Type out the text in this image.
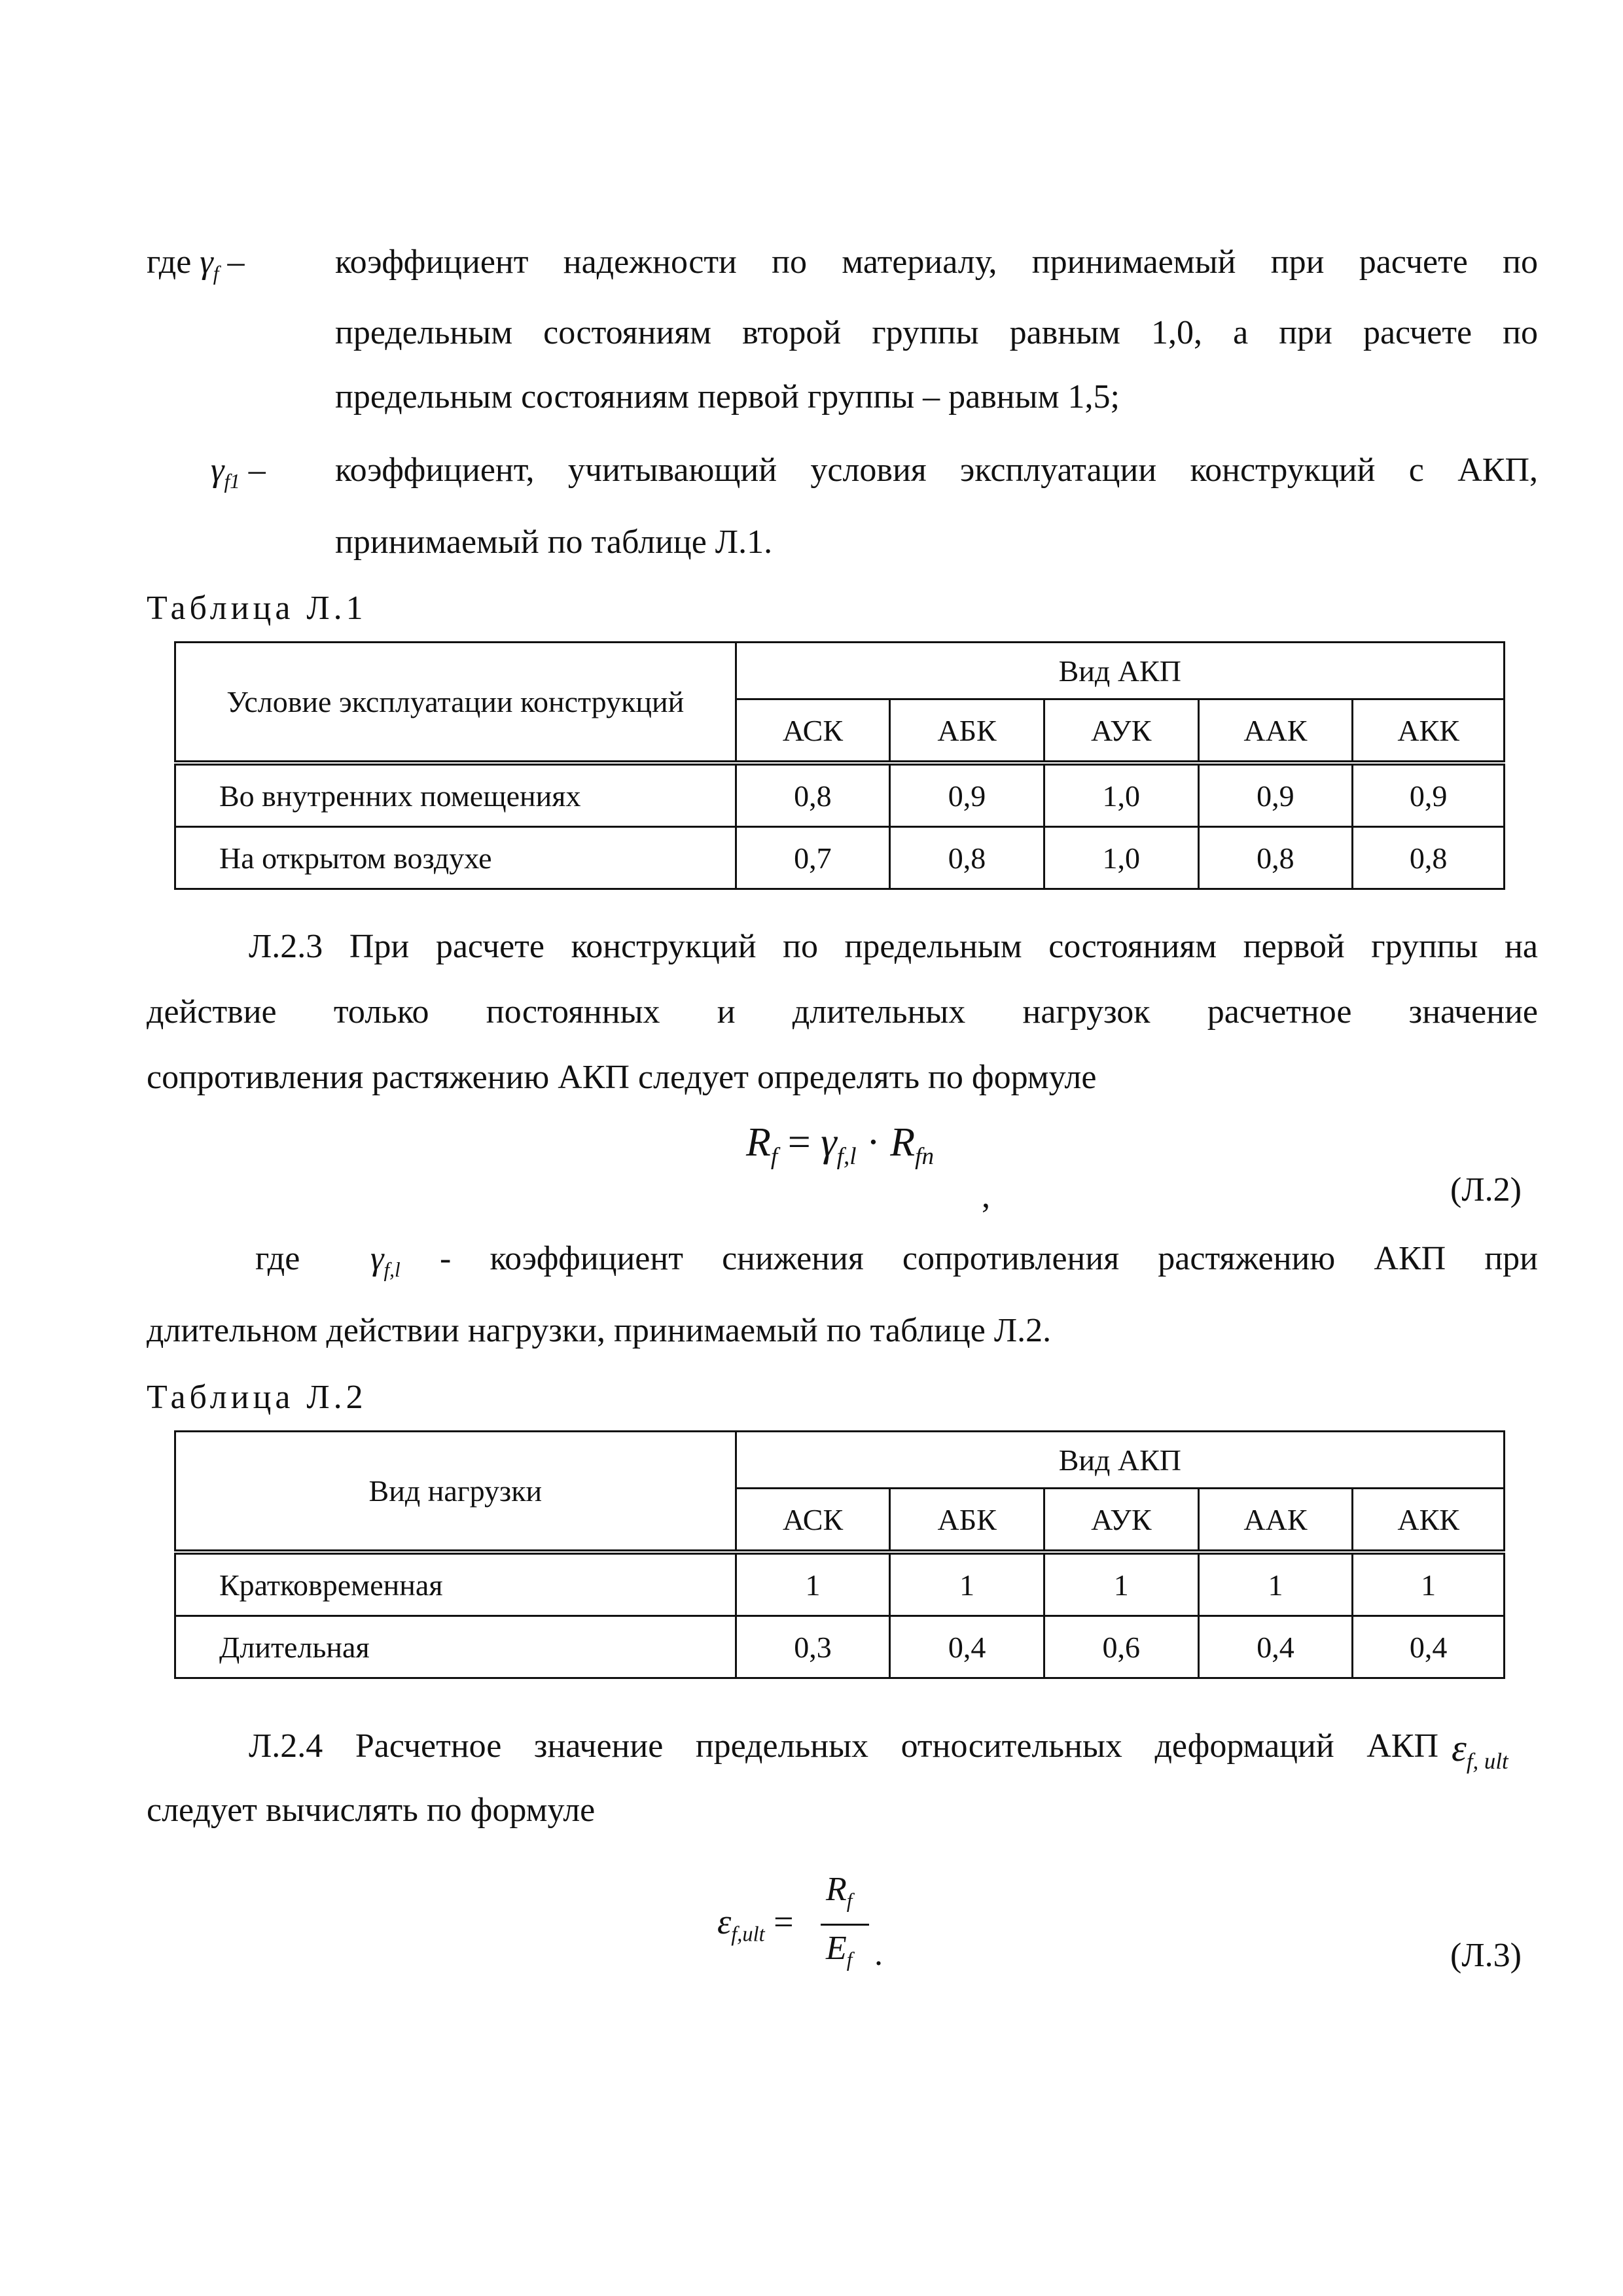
где $\gamma_f$ –	коэффициент надежности по материалу, принимаемый при расчете по
предельным состояниям второй группы равным 1,0, а при расчете по
предельным состояниям первой группы – равным 1,5;
$\gamma_{f1}$ – коэффициент, учитывающий условия эксплуатации конструкций с АКП,
принимаемый по таблице Л.1.
Таблица Л.1
Условие эксплуатации конструкций	Вид АКП				
	АСК	АБК	АУК	ААК	АКК
Во внутренних помещениях	0,8	0,9	1,0	0,9	0,9
На открытом воздухе	0,7	0,8	1,0	0,8	0,8
Л.2.3 При расчете конструкций по предельным состояниям первой группы на
действие только постоянных и длительных нагрузок расчетное значение
сопротивления растяжению АКП следует определять по формуле
$R_f = \gamma_{f,l} \cdot R_{fn}$
,	(Л.2)
где $\gamma_{f,l}$ - коэффициент снижения сопротивления растяжению АКП при
длительном действии нагрузки, принимаемый по таблице Л.2.
Таблица Л.2
Вид нагрузки	Вид АКП				
	АСК	АБК	АУК	ААК	АКК
Кратковременная	1	1	1	1	1
Длительная	0,3	0,4	0,6	0,4	0,4
Л.2.4 Расчетное значение предельных относительных деформаций АКП $\varepsilon_{f, ult}$
следует вычислять по формуле
$\varepsilon_{f,ult}$ =
$R_f$
$E_f$ .	(Л.3)
